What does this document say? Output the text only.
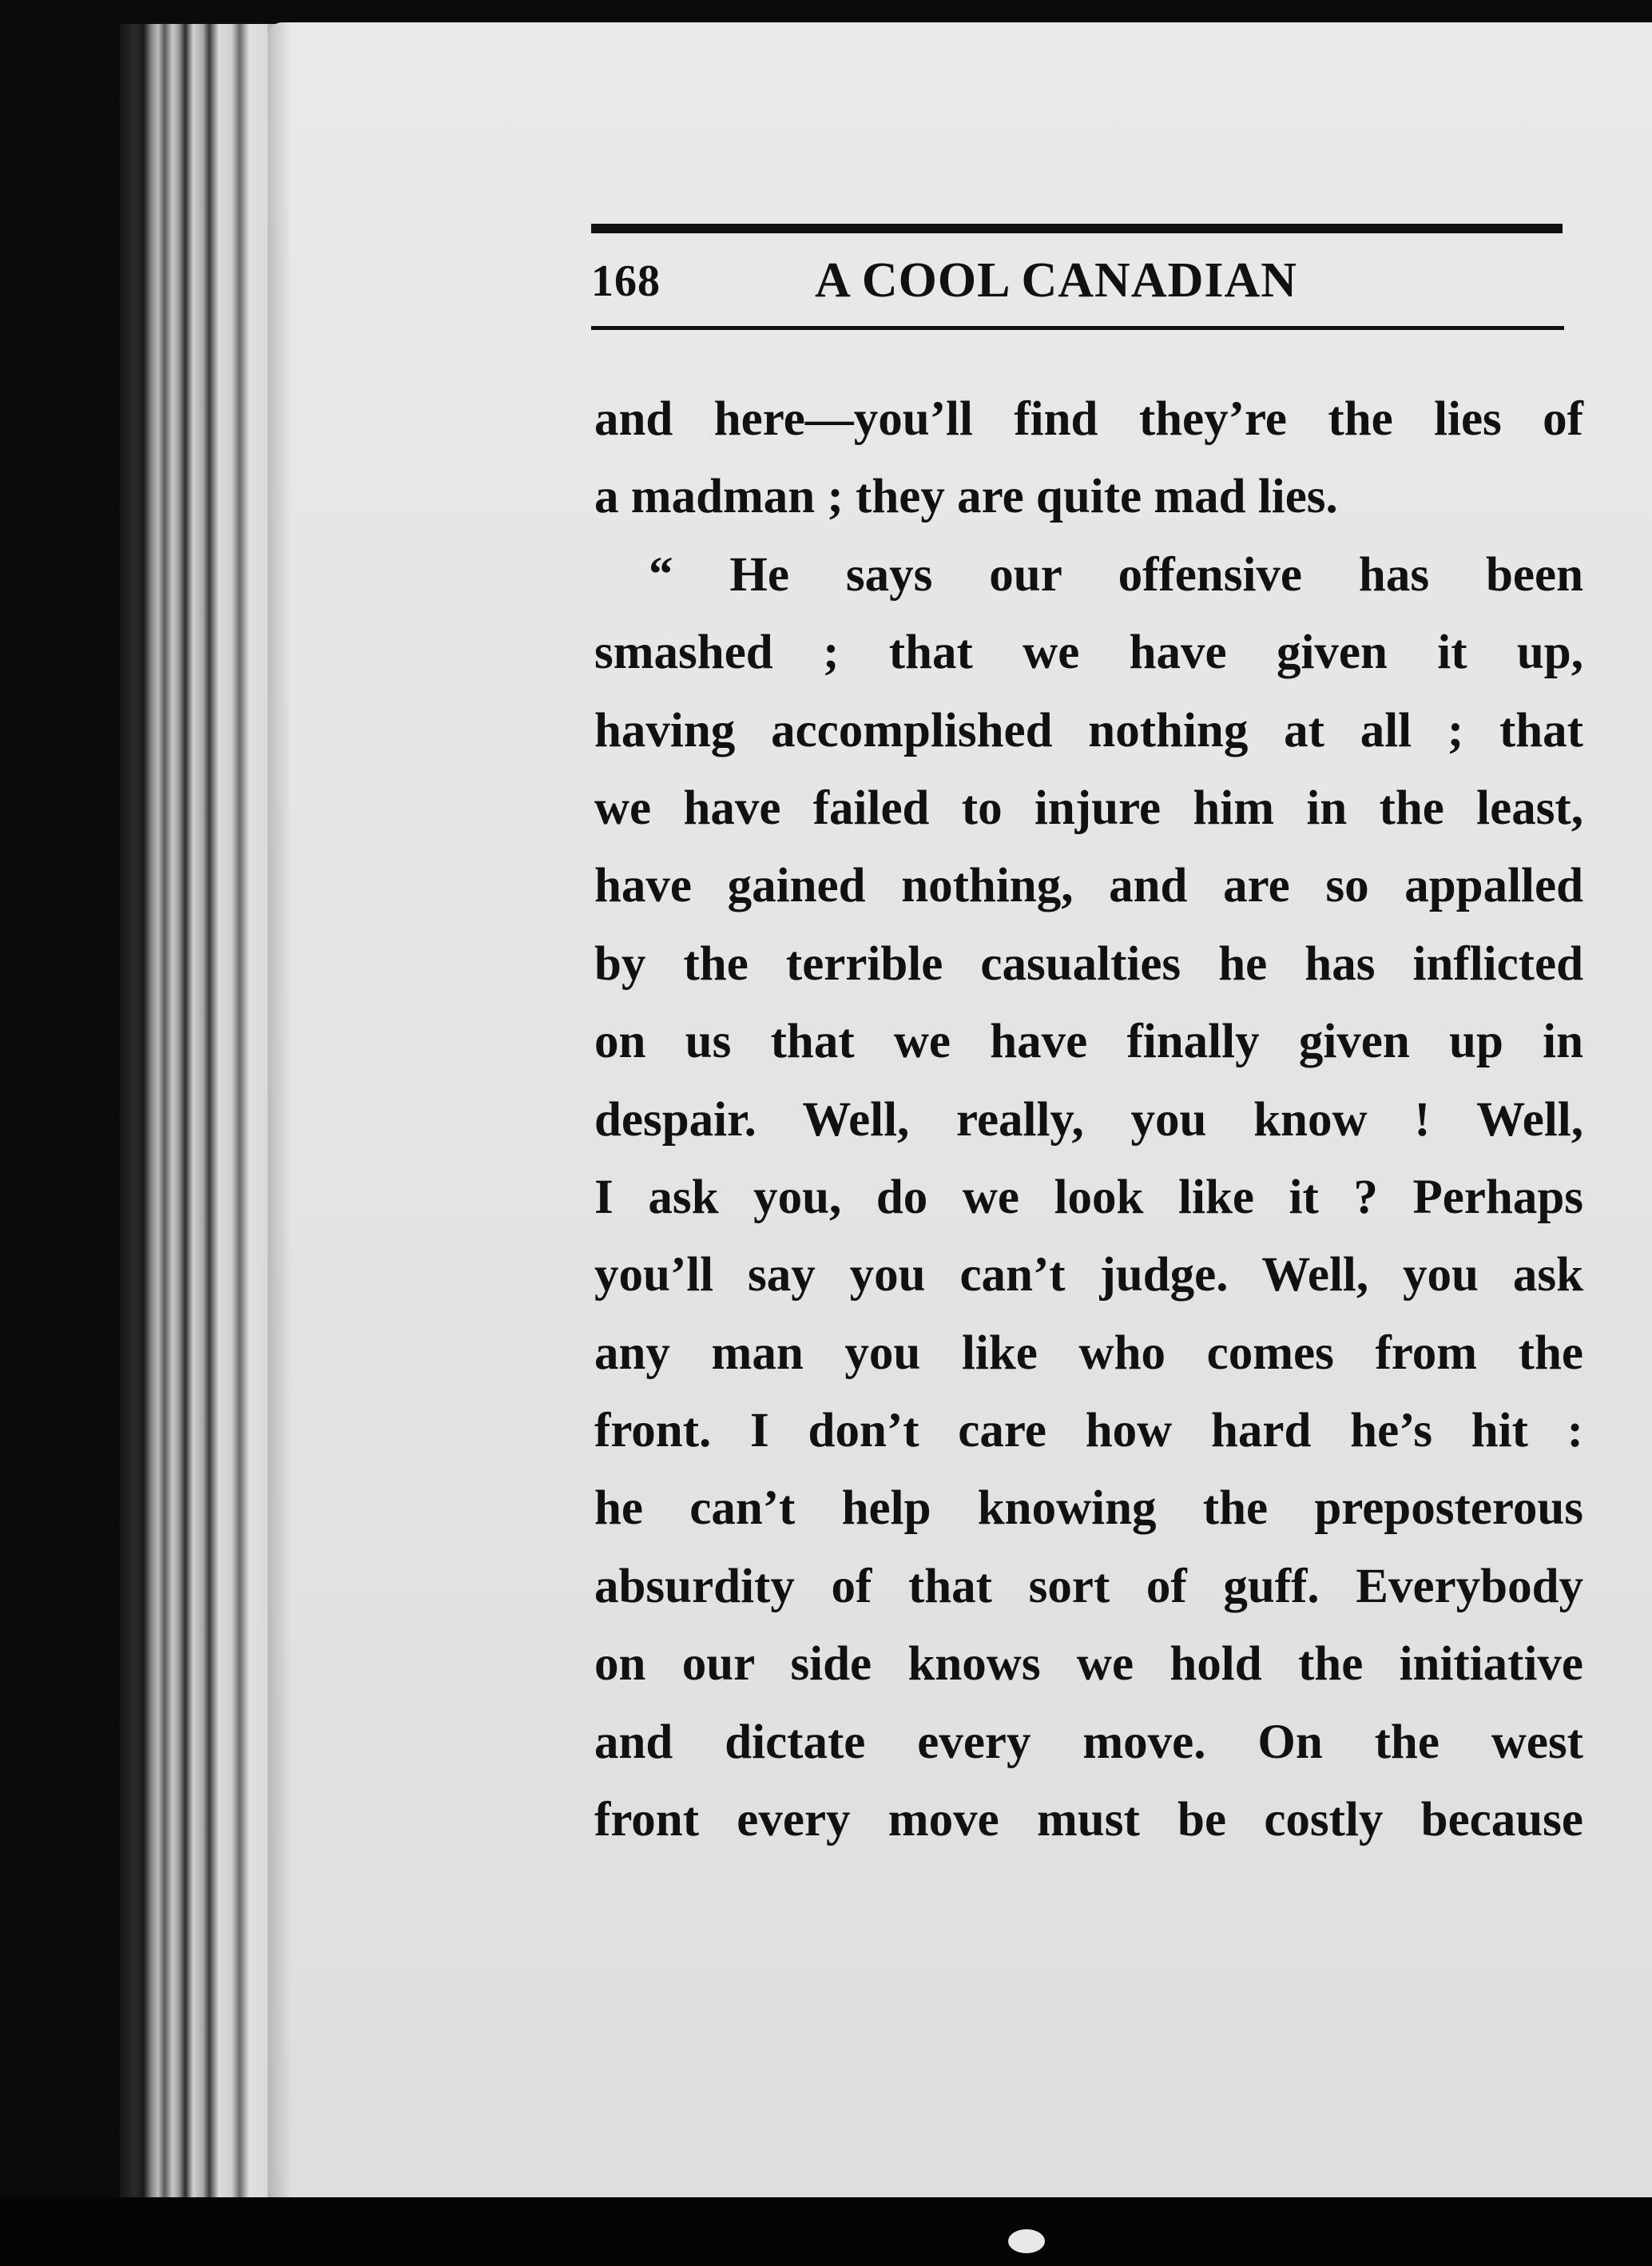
168	A COOL CANADIAN
and here—you’ll find they’re the lies of
a madman ; they are quite mad lies.
“ He says our offensive has been
smashed ; that we have given it up,
having accomplished nothing at all ; that
we have failed to injure him in the least,
have gained nothing, and are so appalled
by the terrible casualties he has inflicted
on us that we have finally given up in
despair. Well, really, you know ! Well,
I ask you, do we look like it ? Perhaps
you’ll say you can’t judge. Well, you ask
any man you like who comes from the
front. I don’t care how hard he’s hit :
he can’t help knowing the preposterous
absurdity of that sort of guff. Everybody
on our side knows we hold the initiative
and dictate every move. On the west
front every move must be costly because
